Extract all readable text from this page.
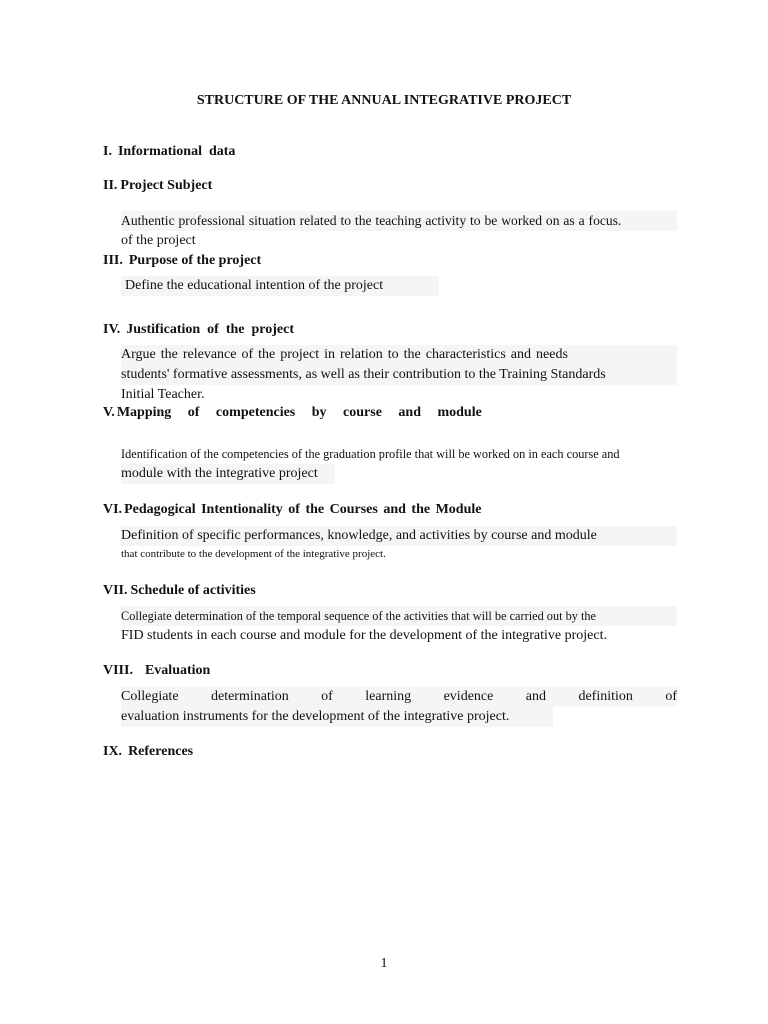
STRUCTURE OF THE ANNUAL INTEGRATIVE PROJECT
I. Informational  data
II. Project Subject
Authentic professional situation related to the teaching activity to be worked on as a focus.
of the project
III. Purpose of the project
Define the educational intention of the project
IV. Justification  of  the  project
Argue  the  relevance  of  the  project  in  relation  to  the  characteristics  and  needs
students' formative assessments, as well as their contribution to the Training Standards
Initial Teacher.
V. Mapping of competencies by course and module
Identification of the competencies of the graduation profile that will be worked on in each course and
module with the integrative project
VI. Pedagogical Intentionality of the Courses and the Module
Definition of specific performances, knowledge, and activities by course and module
that contribute to the development of the integrative project.
VII. Schedule of activities
Collegiate determination of the temporal sequence of the activities that will be carried out by the
FID students in each course and module for the development of the integrative project.
VIII. Evaluation
Collegiate determination of learning evidence and definition of
evaluation instruments for the development of the integrative project.
IX. References
1
